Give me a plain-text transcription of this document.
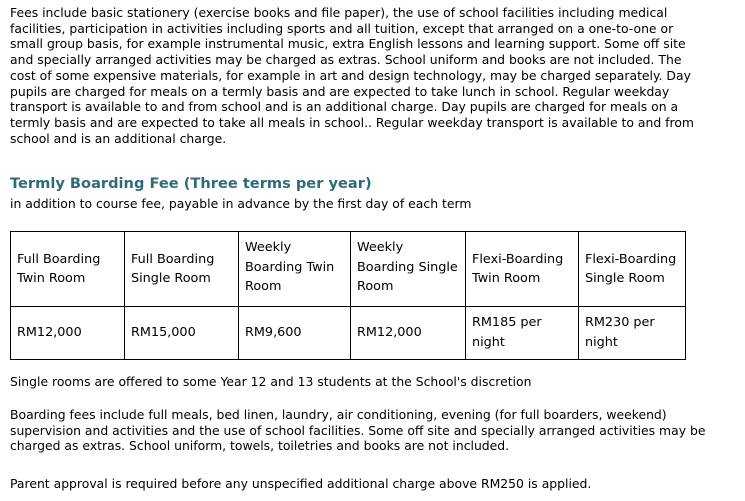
Fees include basic stationery (exercise books and file paper), the use of school facilities including medical facilities, participation in activities including sports and all tuition, except that arranged on a one-to-one or small group basis, for example instrumental music, extra English lessons and learning support. Some off site and specially arranged activities may be charged as extras. School uniform and books are not included. The cost of some expensive materials, for example in art and design technology, may be charged separately. Day pupils are charged for meals on a termly basis and are expected to take lunch in school. Regular weekday transport is available to and from school and is an additional charge. Day pupils are charged for meals on a termly basis and are expected to take all meals in school.. Regular weekday transport is available to and from school and is an additional charge.

Termly Boarding Fee (Three terms per year)

in addition to course fee, payable in advance by the first day of each term

Full Boarding Twin Room	Full Boarding Single Room	Weekly Boarding Twin Room	Weekly Boarding Single Room	Flexi-Boarding Twin Room	Flexi-Boarding Single Room
RM12,000	RM15,000	RM9,600	RM12,000	RM185 per night	RM230 per night

Single rooms are offered to some Year 12 and 13 students at the School's discretion

Boarding fees include full meals, bed linen, laundry, air conditioning, evening (for full boarders, weekend) supervision and activities and the use of school facilities. Some off site and specially arranged activities may be charged as extras. School uniform, towels, toiletries and books are not included.

Parent approval is required before any unspecified additional charge above RM250 is applied.
